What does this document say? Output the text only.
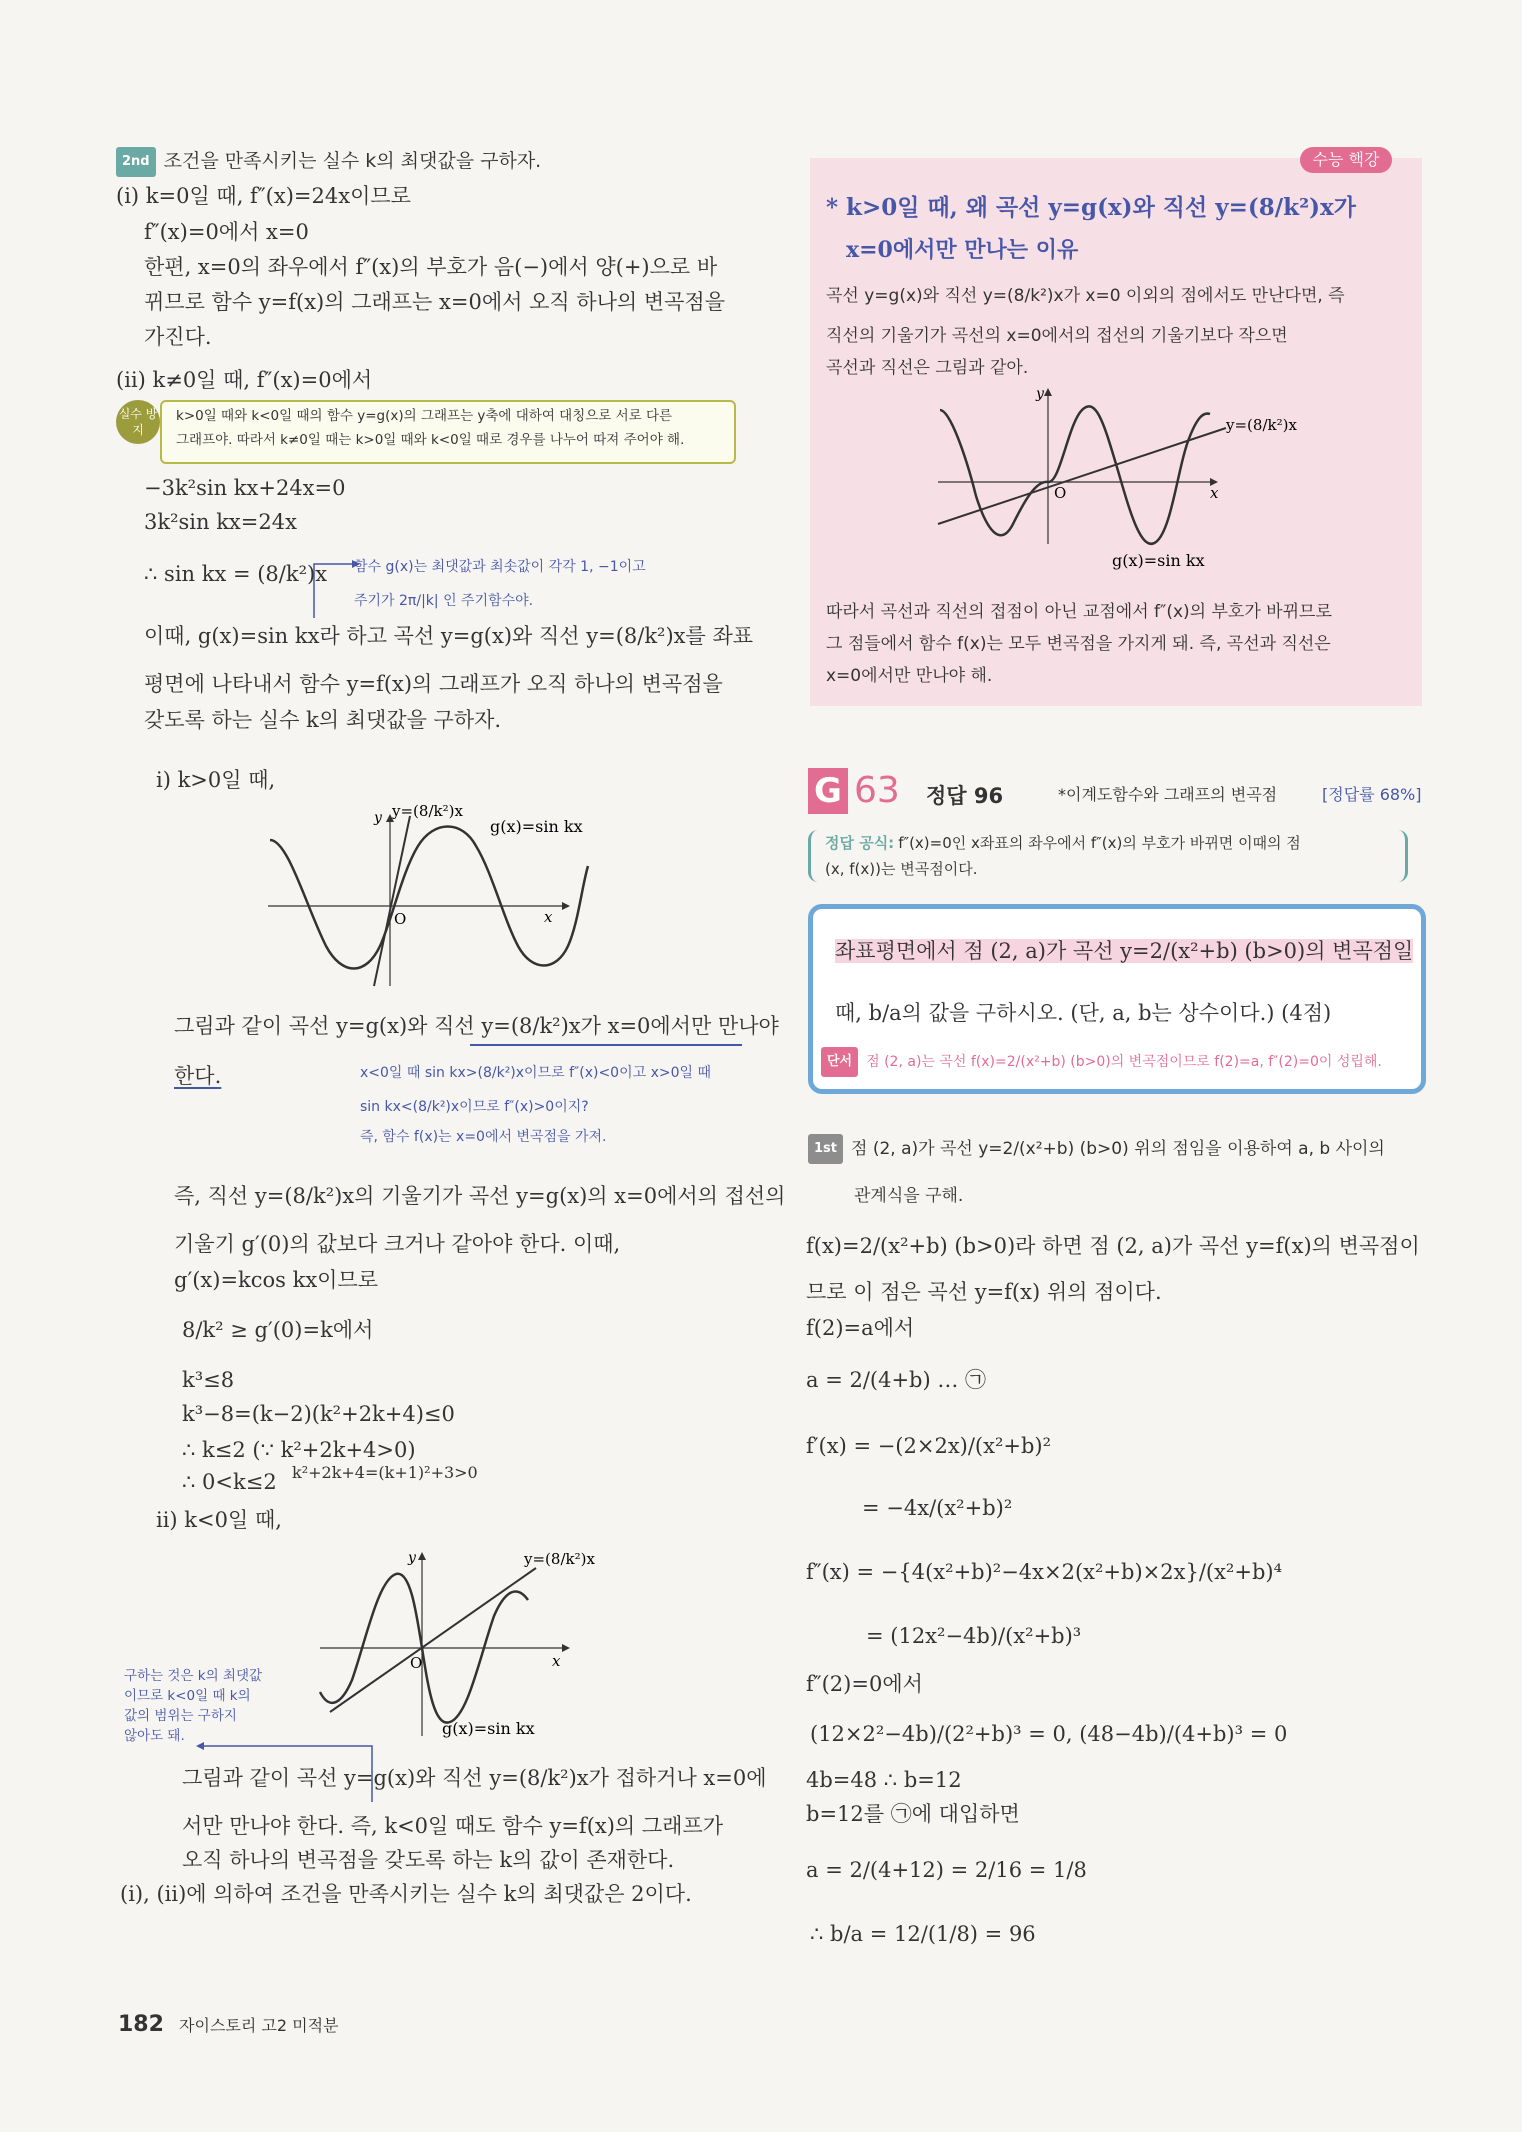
2nd 조건을 만족시키는 실수 k의 최댓값을 구하자.
(ⅰ) k=0일 때, f″(x)=24x이므로
f″(x)=0에서 x=0
한편, x=0의 좌우에서 f″(x)의 부호가 음(−)에서 양(+)으로 바
뀌므로 함수 y=f(x)의 그래프는 x=0에서 오직 하나의 변곡점을
가진다.
(ⅱ) k≠0일 때, f″(x)=0에서
실수 방지
k>0일 때와 k<0일 때의 함수 y=g(x)의 그래프는 y축에 대하여 대칭으로 서로 다른
그래프야. 따라서 k≠0일 때는 k>0일 때와 k<0일 때로 경우를 나누어 따져 주어야 해.
−3k²sin kx+24x=0
3k²sin kx=24x
∴ sin kx = (8/k²)x 함수 g(x)는 최댓값과 최솟값이 각각 1, −1이고
주기가 2π/|k| 인 주기함수야.
이때, g(x)=sin kx라 하고 곡선 y=g(x)와 직선 y=(8/k²)x를 좌표
평면에 나타내서 함수 y=f(x)의 그래프가 오직 하나의 변곡점을
갖도록 하는 실수 k의 최댓값을 구하자.
ⅰ) k>0일 때,
y y=(8/k²)x
g(x)=sin kx
O	x
그림과 같이 곡선 y=g(x)와 직선 y=(8/k²)x가 x=0에서만 만나야
한다.	x<0일 때 sin kx>(8/k²)x이므로 f″(x)<0이고 x>0일 때
sin kx<(8/k²)x이므로 f″(x)>0이지?
즉, 함수 f(x)는 x=0에서 변곡점을 가져.
즉, 직선 y=(8/k²)x의 기울기가 곡선 y=g(x)의 x=0에서의 접선의
기울기 g′(0)의 값보다 크거나 같아야 한다. 이때,
g′(x)=kcos kx이므로
8/k² ≥ g′(0)=k에서
k³≤8
k³−8=(k−2)(k²+2k+4)≤0
∴ k≤2 (∵ k²+2k+4>0)
k²+2k+4=(k+1)²+3>0
∴ 0<k≤2
ⅱ) k<0일 때,
y	y=(8/k²)x
g(x)=sin kx
O	x
구하는 것은 k의 최댓값
이므로 k<0일 때 k의
값의 범위는 구하지
않아도 돼.
그림과 같이 곡선 y=g(x)와 직선 y=(8/k²)x가 접하거나 x=0에
서만 만나야 한다. 즉, k<0일 때도 함수 y=f(x)의 그래프가
오직 하나의 변곡점을 갖도록 하는 k의 값이 존재한다.
(ⅰ), (ⅱ)에 의하여 조건을 만족시키는 실수 k의 최댓값은 2이다.
수능 핵강
* k>0일 때, 왜 곡선 y=g(x)와 직선 y=(8/k²)x가
x=0에서만 만나는 이유
곡선 y=g(x)와 직선 y=(8/k²)x가 x=0 이외의 점에서도 만난다면, 즉
직선의 기울기가 곡선의 x=0에서의 접선의 기울기보다 작으면
곡선과 직선은 그림과 같아.
y
y=(8/k²)x
g(x)=sin kx
O	x
따라서 곡선과 직선의 접점이 아닌 교점에서 f″(x)의 부호가 바뀌므로
그 점들에서 함수 f(x)는 모두 변곡점을 가지게 돼. 즉, 곡선과 직선은
x=0에서만 만나야 해.
G 63 정답 96	*이계도함수와 그래프의 변곡점	[정답률 68%]
정답 공식: f″(x)=0인 x좌표의 좌우에서 f″(x)의 부호가 바뀌면 이때의 점
(x, f(x))는 변곡점이다.
좌표평면에서 점 (2, a)가 곡선 y=2/(x²+b) (b>0)의 변곡점일
때, b/a의 값을 구하시오. (단, a, b는 상수이다.) (4점)
단서 점 (2, a)는 곡선 f(x)=2/(x²+b) (b>0)의 변곡점이므로 f(2)=a, f″(2)=0이 성립해.
1st 점 (2, a)가 곡선 y=2/(x²+b) (b>0) 위의 점임을 이용하여 a, b 사이의
관계식을 구해.
f(x)=2/(x²+b) (b>0)라 하면 점 (2, a)가 곡선 y=f(x)의 변곡점이
므로 이 점은 곡선 y=f(x) 위의 점이다.
f(2)=a에서
a = 2/(4+b) … ㉠
f′(x) = −(2×2x)/(x²+b)²
= −4x/(x²+b)²
f″(x) = −{4(x²+b)²−4x×2(x²+b)×2x}/(x²+b)⁴
= (12x²−4b)/(x²+b)³
f″(2)=0에서
(12×2²−4b)/(2²+b)³ = 0, (48−4b)/(4+b)³ = 0
4b=48 ∴ b=12
b=12를 ㉠에 대입하면
a = 2/(4+12) = 2/16 = 1/8
∴ b/a = 12/(1/8) = 96
182 자이스토리 고2 미적분
